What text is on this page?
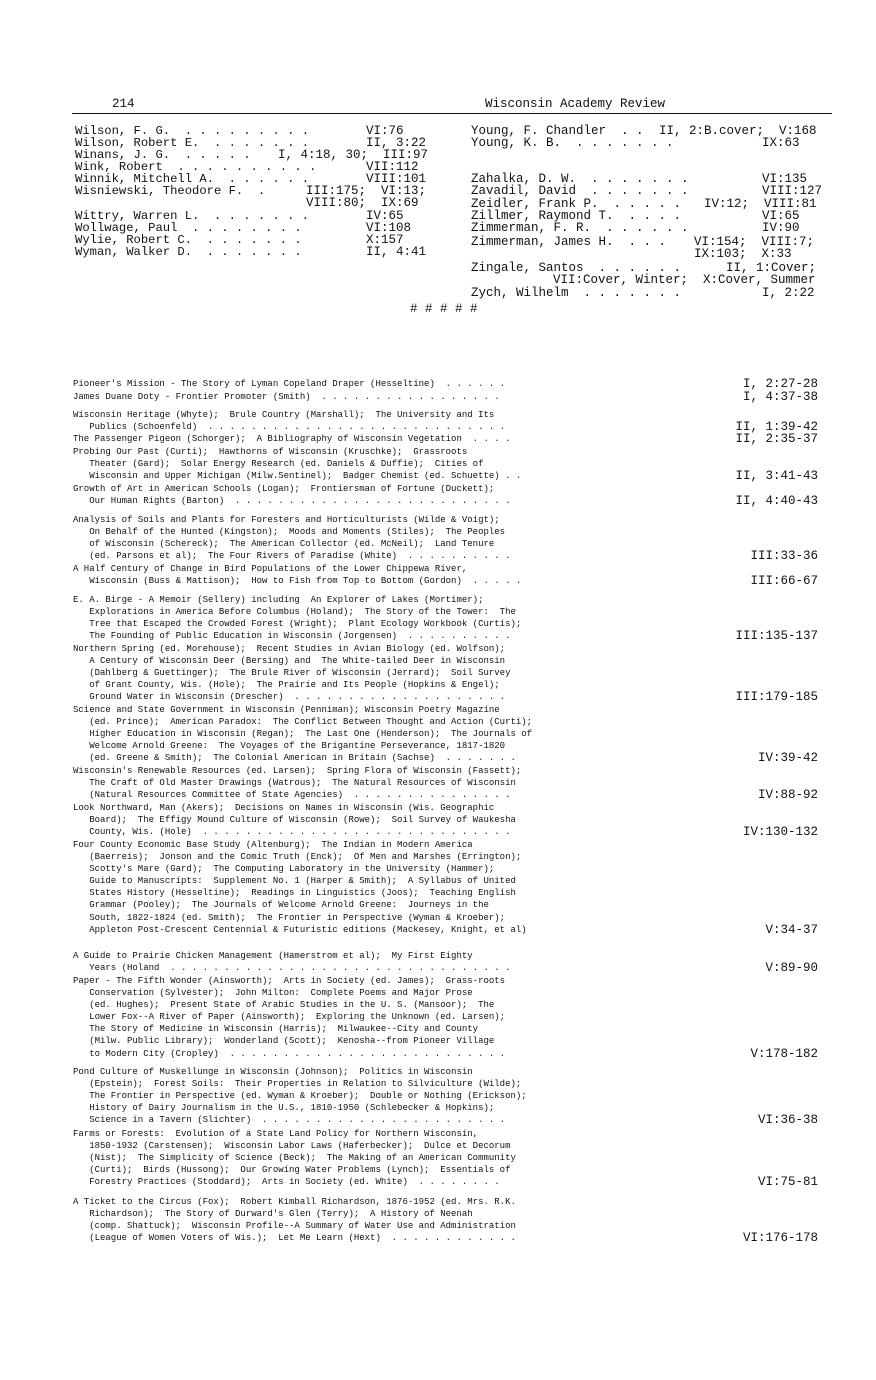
214	Wisconsin Academy Review
Wilson, F. G.  . . . . . . . . .	VI:76
Wilson, Robert E.  . . . . . . .	II, 3:22
Winans, J. G.  . . . . . I, 4:18, 30;  III:97
Wink, Robert  . . . . . . . . . .	VII:112
Winnik, Mitchell A.  . . . . . .	VIII:101
Wisniewski, Theodore F.  .	III:175;  VI:13;
VIII:80;  IX:69
Wittry, Warren L.  . . . . . . .	IV:65
Wollwage, Paul  . . . . . . . .	VI:108
Wylie, Robert C.  . . . . . . .	X:157
Wyman, Walker D.  . . . . . . .	II, 4:41
Young, F. Chandler  . . II, 2:B.cover;  V:168
Young, K. B.  . . . . . . .	IX:63
Zahalka, D. W.  . . . . . . .	VI:135
Zavadil, David  . . . . . . .	VIII:127
Zeidler, Frank P.  . . . . . IV:12;  VIII:81
Zillmer, Raymond T.  . . . .	VI:65
Zimmerman, F. R.  . . . . . .	IV:90
Zimmerman, James H.  . . . VI:154;  VIII:7;
IX:103;  X:33
Zingale, Santos  . . . . . .	II, 1:Cover;
VII:Cover, Winter;  X:Cover, Summer
Zych, Wilhelm  . . . . . . .	I, 2:22
# # # # #
Pioneer's Mission - The Story of Lyman Copeland Draper (Hesseltine)  . . . . . .	I, 2:27-28
James Duane Doty - Frontier Promoter (Smith)  . . . . . . . . . . . . . . . . .	I, 4:37-38
Wisconsin Heritage (Whyte);  Brule Country (Marshall);  The University and Its
Publics (Schoenfeld)  . . . . . . . . . . . . . . . . . . . . . . . . . . . .	II, 1:39-42
The Passenger Pigeon (Schorger);  A Bibliography of Wisconsin Vegetation  . . . .	II, 2:35-37
Probing Our Past (Curti);  Hawthorns of Wisconsin (Kruschke);  Grassroots
Theater (Gard);  Solar Energy Research (ed. Daniels & Duffie);  Cities of
Wisconsin and Upper Michigan (Milw.Sentinel);  Badger Chemist (ed. Schuette) . .	II, 3:41-43
Growth of Art in American Schools (Logan);  Frontiersman of Fortune (Duckett);
Our Human Rights (Barton)  . . . . . . . . . . . . . . . . . . . . . . . . . .	II, 4:40-43
Analysis of Soils and Plants for Foresters and Horticulturists (Wilde & Voigt);
On Behalf of the Hunted (Kingston);  Moods and Moments (Stiles);  The Peoples
of Wisconsin (Schereck);  The American Collector (ed. McNeil);  Land Tenure
(ed. Parsons et al);  The Four Rivers of Paradise (White)  . . . . . . . . . .	III:33-36
A Half Century of Change in Bird Populations of the Lower Chippewa River,
Wisconsin (Buss & Mattison);  How to Fish from Top to Bottom (Gordon)  . . . . .	III:66-67
E. A. Birge - A Memoir (Sellery) including  An Explorer of Lakes (Mortimer);
Explorations in America Before Columbus (Holand);  The Story of the Tower:  The
Tree that Escaped the Crowded Forest (Wright);  Plant Ecology Workbook (Curtis);
The Founding of Public Education in Wisconsin (Jorgensen)  . . . . . . . . . .	III:135-137
Northern Spring (ed. Morehouse);  Recent Studies in Avian Biology (ed. Wolfson);
A Century of Wisconsin Deer (Bersing) and  The White-tailed Deer in Wisconsin
(Dahlberg & Guettinger);  The Brule River of Wisconsin (Jerrard);  Soil Survey
of Grant County, Wis. (Hole);  The Prairie and Its People (Hopkins & Engel);
Ground Water in Wisconsin (Drescher)  . . . . . . . . . . . . . . . . . . . .	III:179-185
Science and State Government in Wisconsin (Penniman); Wisconsin Poetry Magazine
(ed. Prince);  American Paradox:  The Conflict Between Thought and Action (Curti);
Higher Education in Wisconsin (Regan);  The Last One (Henderson);  The Journals of
Welcome Arnold Greene:  The Voyages of the Brigantine Perseverance, 1817-1820
(ed. Greene & Smith);  The Colonial American in Britain (Sachse)  . . . . . . .	IV:39-42
Wisconsin's Renewable Resources (ed. Larsen);  Spring Flora of Wisconsin (Fassett);
The Craft of Old Master Drawings (Watrous);  The Natural Resources of Wisconsin
(Natural Resources Committee of State Agencies)  . . . . . . . . . . . . . . .	IV:88-92
Look Northward, Man (Akers);  Decisions on Names in Wisconsin (Wis. Geographic
Board);  The Effigy Mound Culture of Wisconsin (Rowe);  Soil Survey of Waukesha
County, Wis. (Hole)  . . . . . . . . . . . . . . . . . . . . . . . . . . . . .	IV:130-132
Four County Economic Base Study (Altenburg);  The Indian in Modern America
(Baerreis);  Jonson and the Comic Truth (Enck);  Of Men and Marshes (Errington);
Scotty's Mare (Gard);  The Computing Laboratory in the University (Hammer);
Guide to Manuscripts:  Supplement No. 1 (Harper & Smith);  A Syllabus of United
States History (Hesseltine);  Readings in Linguistics (Joos);  Teaching English
Grammar (Pooley);  The Journals of Welcome Arnold Greene:  Journeys in the
South, 1822-1824 (ed. Smith);  The Frontier in Perspective (Wyman & Kroeber);
Appleton Post-Crescent Centennial & Futuristic editions (Mackesey, Knight, et al)	V:34-37
A Guide to Prairie Chicken Management (Hamerstrom et al);  My First Eighty
Years (Holand  . . . . . . . . . . . . . . . . . . . . . . . . . . . . . . . .	V:89-90
Paper - The Fifth Wonder (Ainsworth);  Arts in Society (ed. James);  Grass-roots
Conservation (Sylvester);  John Milton:  Complete Poems and Major Prose
(ed. Hughes);  Present State of Arabic Studies in the U. S. (Mansoor);  The
Lower Fox--A River of Paper (Ainsworth);  Exploring the Unknown (ed. Larsen);
The Story of Medicine in Wisconsin (Harris);  Milwaukee--City and County
(Milw. Public Library);  Wonderland (Scott);  Kenosha--from Pioneer Village
to Modern City (Cropley)  . . . . . . . . . . . . . . . . . . . . . . . . . .	V:178-182
Pond Culture of Muskellunge in Wisconsin (Johnson);  Politics in Wisconsin
(Epstein);  Forest Soils:  Their Properties in Relation to Silviculture (Wilde);
The Frontier in Perspective (ed. Wyman & Kroeber);  Double or Nothing (Erickson);
History of Dairy Journalism in the U.S., 1810-1950 (Schlebecker & Hopkins);
Science in a Tavern (Slichter)  . . . . . . . . . . . . . . . . . . . . . . .	VI:36-38
Farms or Forests:  Evolution of a State Land Policy for Northern Wisconsin,
1850-1932 (Carstensen);  Wisconsin Labor Laws (Haferbecker);  Dulce et Decorum
(Nist);  The Simplicity of Science (Beck);  The Making of an American Community
(Curti);  Birds (Hussong);  Our Growing Water Problems (Lynch);  Essentials of
Forestry Practices (Stoddard);  Arts in Society (ed. White)  . . . . . . . .	VI:75-81
A Ticket to the Circus (Fox);  Robert Kimball Richardson, 1876-1952 (ed. Mrs. R.K.
Richardson);  The Story of Durward's Glen (Terry);  A History of Neenah
(comp. Shattuck);  Wisconsin Profile--A Summary of Water Use and Administration
(League of Women Voters of Wis.);  Let Me Learn (Hext)  . . . . . . . . . . . .	VI:176-178
